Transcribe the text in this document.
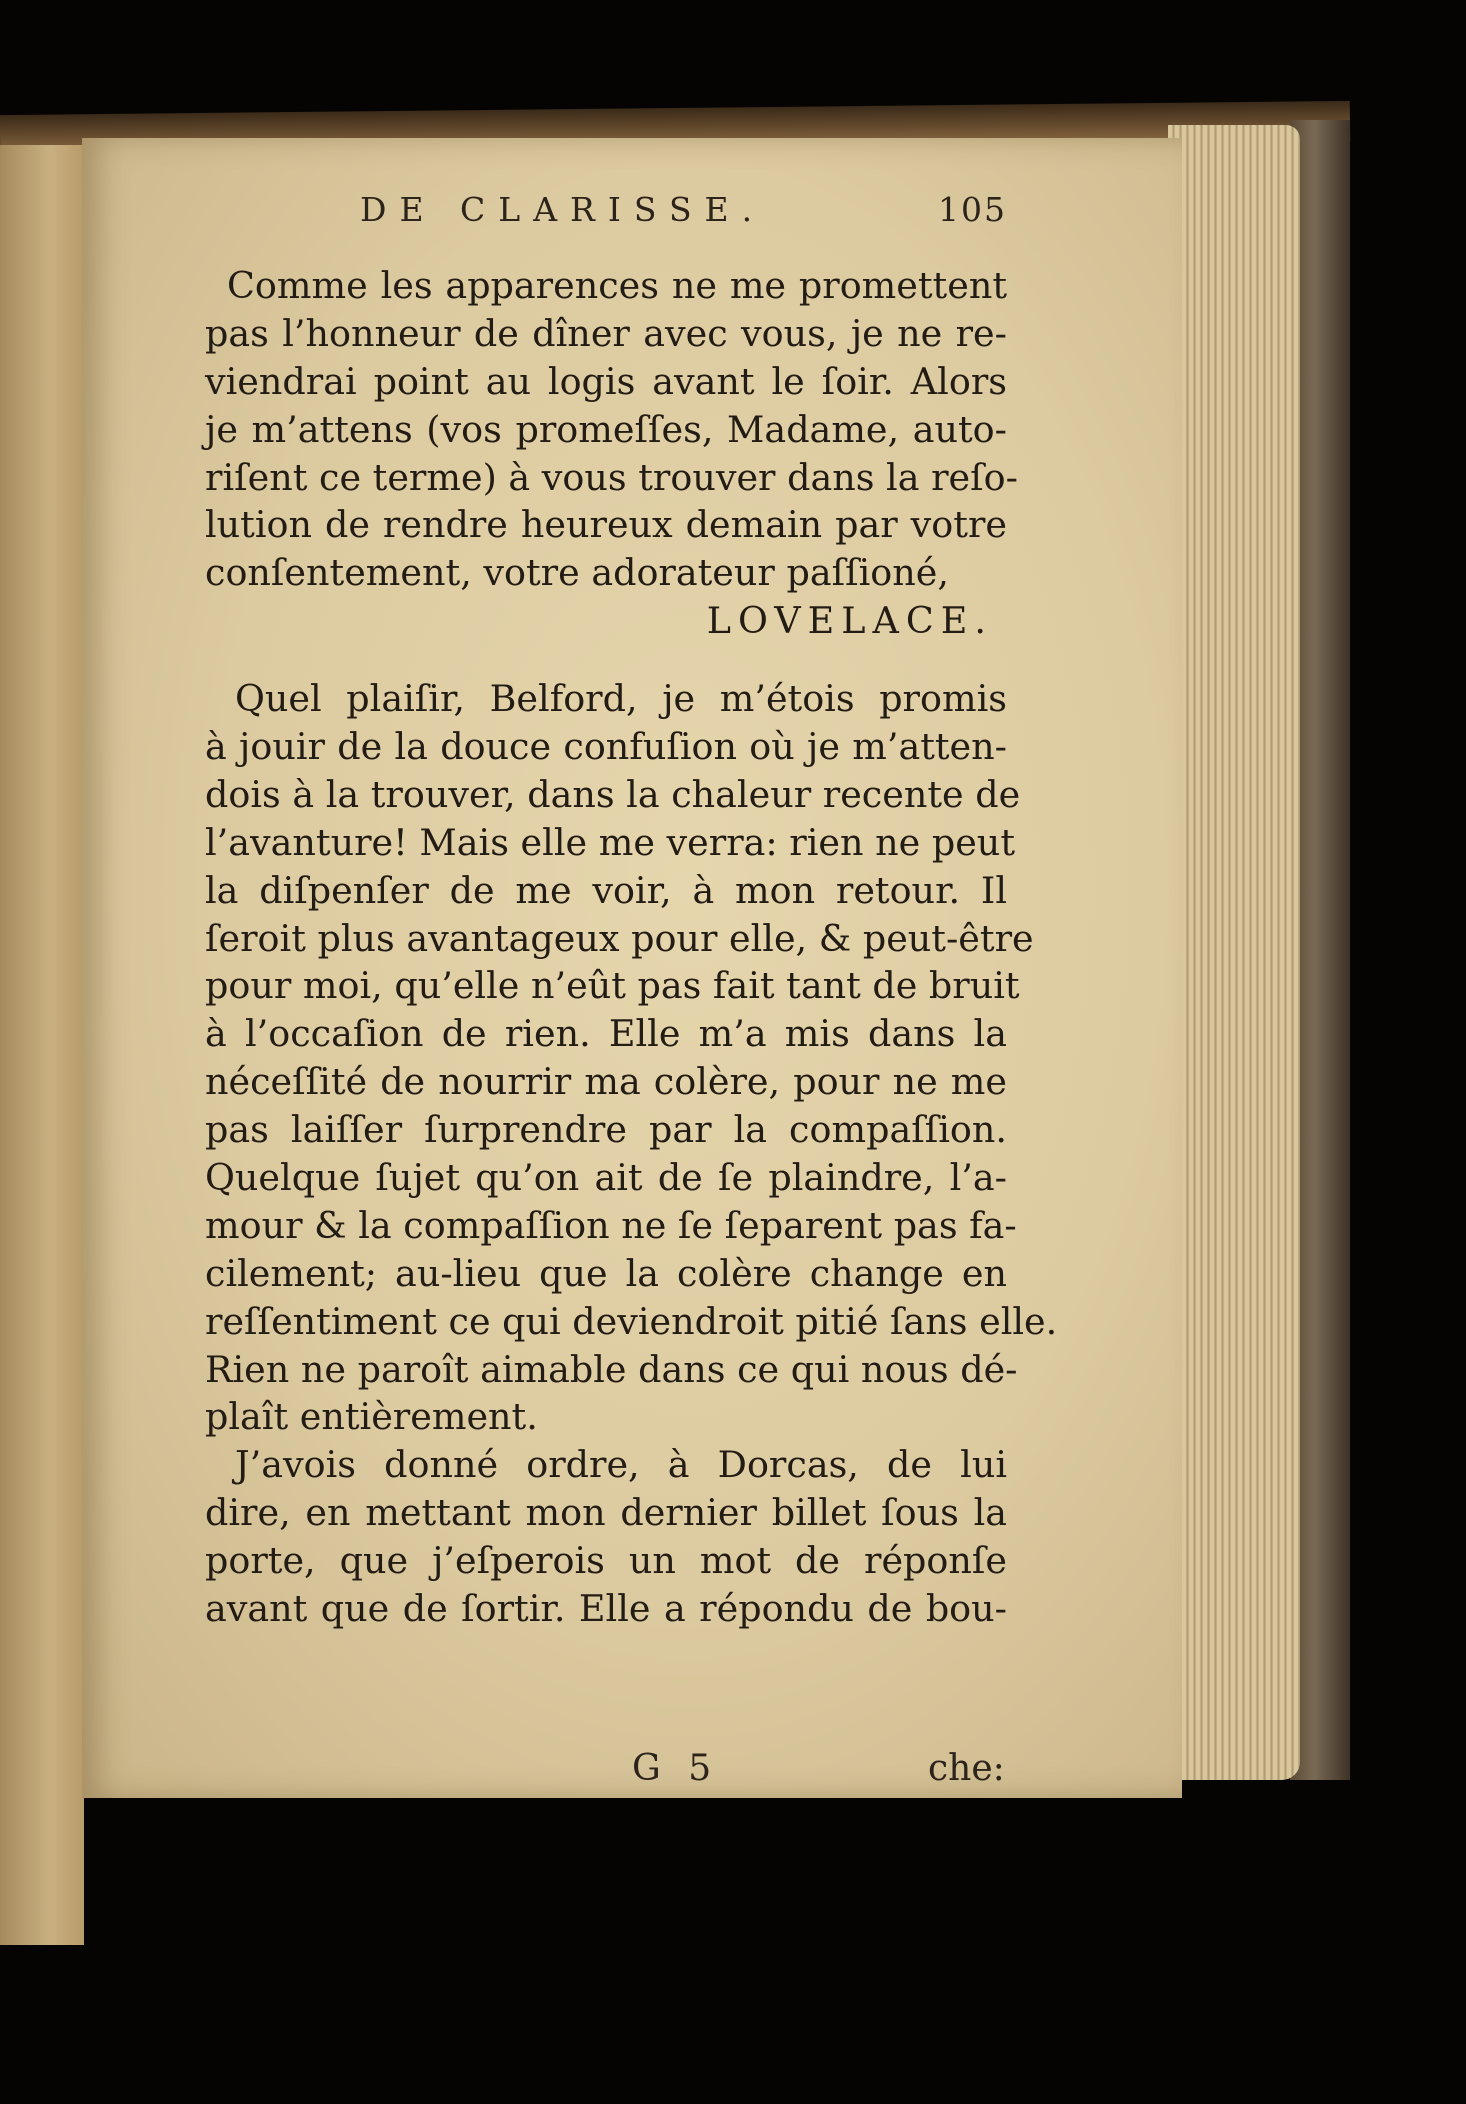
DE CLARISSE.	105
Comme les apparences ne me promettent
pas l’honneur de dîner avec vous, je ne re-
viendrai point au logis avant le ſoir. Alors
je m’attens (vos promeſſes, Madame, auto-
riſent ce terme) à vous trouver dans la reſo-
lution de rendre heureux demain par votre
conſentement, votre adorateur paſſioné,
LOVELACE.
Quel plaiſir, Belford, je m’étois promis
à jouir de la douce confuſion où je m’atten-
dois à la trouver, dans la chaleur recente de
l’avanture! Mais elle me verra: rien ne peut
la diſpenſer de me voir, à mon retour. Il
ſeroit plus avantageux pour elle, & peut-être
pour moi, qu’elle n’eût pas fait tant de bruit
à l’occaſion de rien. Elle m’a mis dans la
néceſſité de nourrir ma colère, pour ne me
pas laiſſer ſurprendre par la compaſſion.
Quelque ſujet qu’on ait de ſe plaindre, l’a-
mour & la compaſſion ne ſe ſeparent pas fa-
cilement; au-lieu que la colère change en
reſſentiment ce qui deviendroit pitié ſans elle.
Rien ne paroît aimable dans ce qui nous dé-
plaît entièrement.
J’avois donné ordre, à Dorcas, de lui
dire, en mettant mon dernier billet ſous la
porte, que j’eſperois un mot de réponſe
avant que de ſortir. Elle a répondu de bou-
G 5	che:
